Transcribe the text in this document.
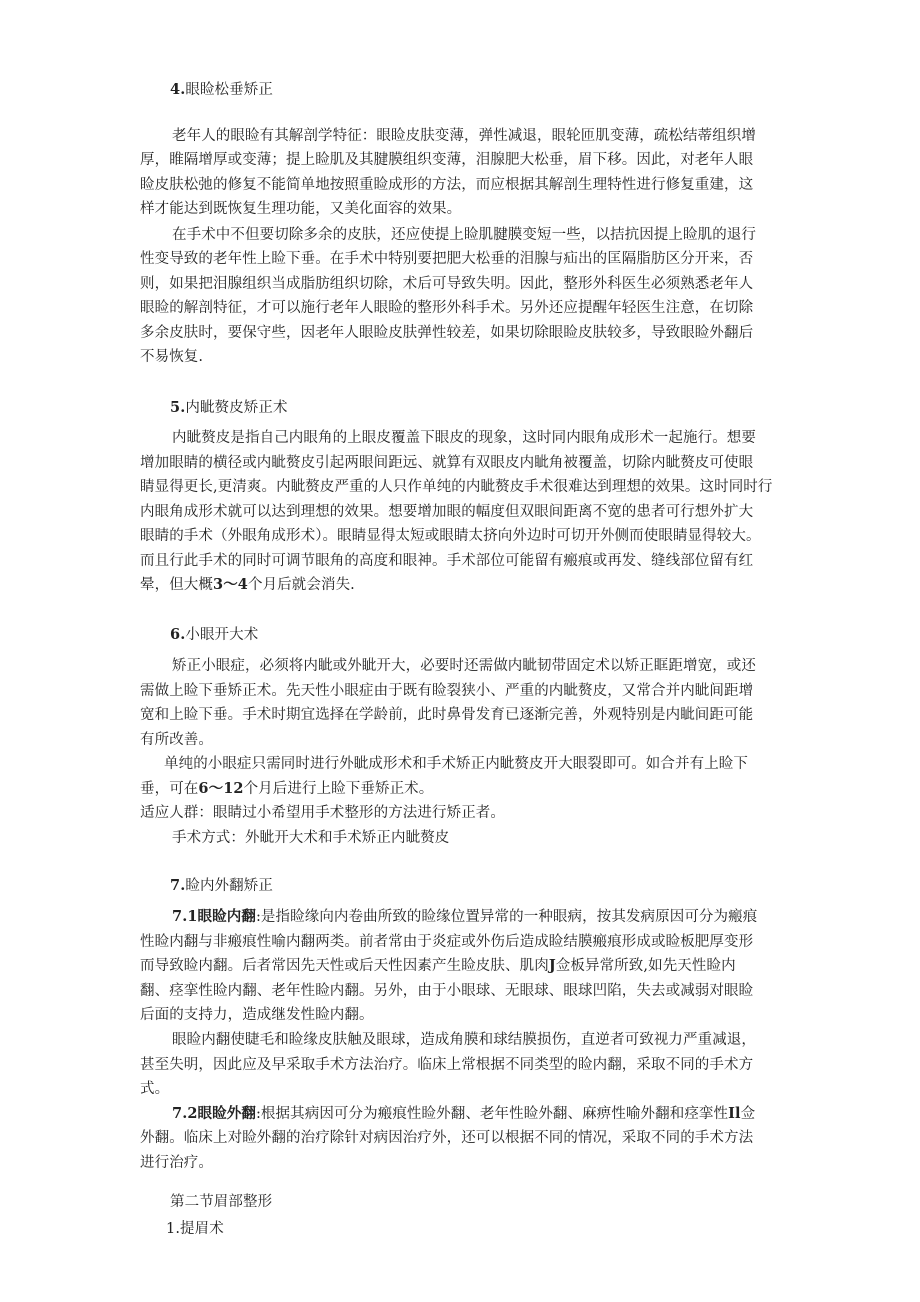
4.眼睑松垂矫正
老年人的眼睑有其解剖学特征：眼睑皮肤变薄，弹性减退，眼轮匝肌变薄，疏松结蒂组织增
厚，睢隔增厚或变薄；提上睑肌及其腱膜组织变薄，泪腺肥大松垂，眉下移。因此，对老年人眼
睑皮肤松弛的修复不能简单地按照重睑成形的方法，而应根据其解剖生理特性进行修复重建，这
样才能达到既恢复生理功能，又美化面容的效果。
在手术中不但要切除多余的皮肤，还应使提上睑肌腱膜变短一些，以拮抗因提上睑肌的退行
性变导致的老年性上睑下垂。在手术中特别要把肥大松垂的泪腺与疝出的匡隔脂肪区分开来，否
则，如果把泪腺组织当成脂肪组织切除，术后可导致失明。因此，整形外科医生必须熟悉老年人
眼睑的解剖特征，才可以施行老年人眼睑的整形外科手术。另外还应提醒年轻医生注意，在切除
多余皮肤时，要保守些，因老年人眼睑皮肤弹性较差，如果切除眼睑皮肤较多，导致眼睑外翻后
不易恢复.
5.内眦赘皮矫正术
内眦赘皮是指自己内眼角的上眼皮覆盖下眼皮的现象，这时同内眼角成形术一起施行。想要
增加眼睛的横径或内眦赘皮引起两眼间距远、就算有双眼皮内眦角被覆盖，切除内眦赘皮可使眼
睛显得更长,更清爽。内眦赘皮严重的人只作单纯的内眦赘皮手术很难达到理想的效果。这时同时行
内眼角成形术就可以达到理想的效果。想要增加眼的幅度但双眼间距离不宽的患者可行想外扩大
眼睛的手术（外眼角成形术）。眼睛显得太短或眼睛太挤向外边时可切开外侧而使眼睛显得较大。
而且行此手术的同时可调节眼角的高度和眼神。手术部位可能留有瘢痕或再发、缝线部位留有红
晕，但大概3～4个月后就会消失.
6.小眼开大术
矫正小眼症，必须将内眦或外眦开大，必要时还需做内眦韧带固定术以矫正眶距增宽，或还
需做上睑下垂矫正术。先天性小眼症由于既有睑裂狭小、严重的内眦赘皮，又常合并内眦间距增
宽和上睑下垂。手术时期宜选择在学龄前，此时鼻骨发育已逐渐完善，外观特别是内眦间距可能
有所改善。
单纯的小眼症只需同时进行外眦成形术和手术矫正内眦赘皮开大眼裂即可。如合并有上睑下
垂，可在6～12个月后进行上睑下垂矫正术。
适应人群：眼睛过小希望用手术整形的方法进行矫正者。
手术方式：外眦开大术和手术矫正内眦赘皮
7.睑内外翻矫正
7.1眼睑内翻:是指睑缘向内卷曲所致的睑缘位置异常的一种眼病，按其发病原因可分为瘢痕
性睑内翻与非瘢痕性喻内翻两类。前者常由于炎症或外伤后造成睑结膜瘢痕形成或睑板肥厚变形
而导致睑内翻。后者常因先天性或后天性因素产生睑皮肤、肌肉J佥板异常所致,如先天性睑内
翻、痉挛性睑内翻、老年性睑内翻。另外，由于小眼球、无眼球、眼球凹陷，失去或减弱对眼睑
后面的支持力，造成继发性睑内翻。
眼睑内翻使睫毛和睑缘皮肤触及眼球，造成角膜和球结膜损伤，直逆者可致视力严重减退，
甚至失明，因此应及早采取手术方法治疗。临床上常根据不同类型的睑内翻，采取不同的手术方
式。
7.2眼睑外翻:根据其病因可分为瘢痕性睑外翻、老年性睑外翻、麻痹性喻外翻和痉挛性Il佥
外翻。临床上对睑外翻的治疗除针对病因治疗外，还可以根据不同的情况，采取不同的手术方法
进行治疗。
第二节眉部整形
1.提眉术
